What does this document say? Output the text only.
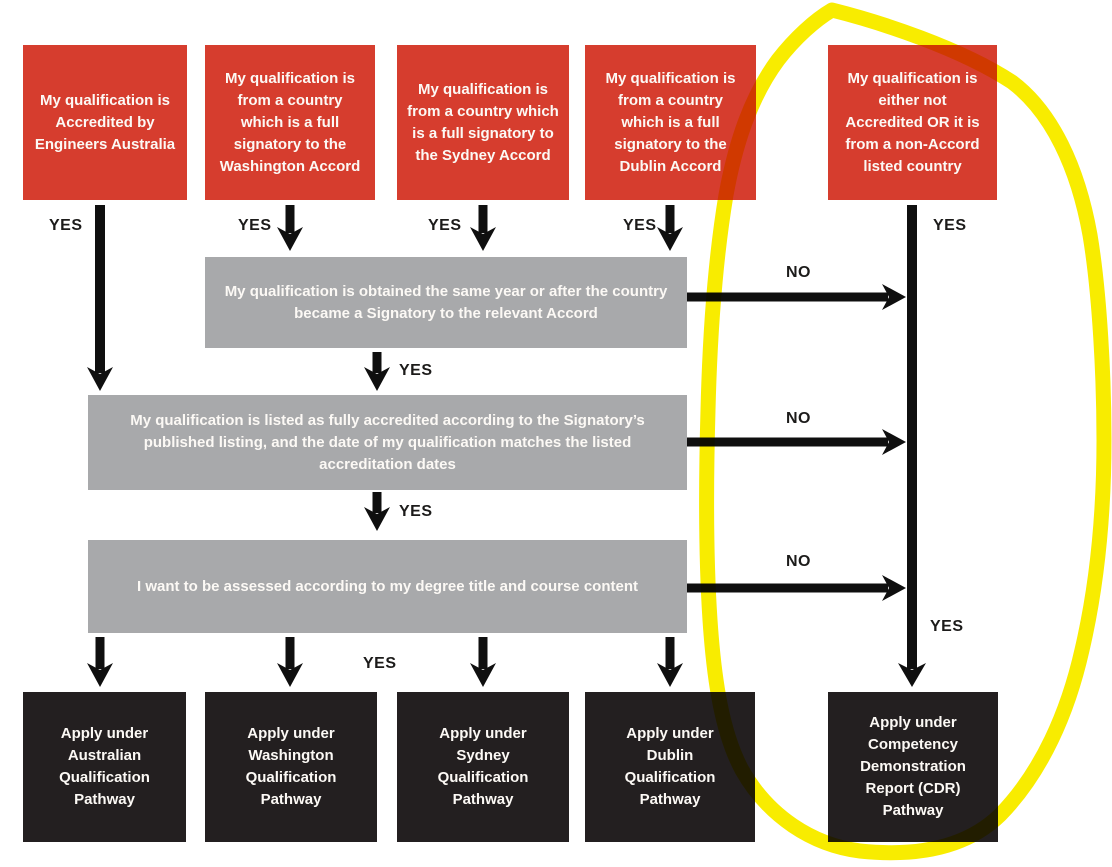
My qualification is Accredited by Engineers Australia
My qualification is from a country which is a full signatory to the Washington Accord
My qualification is from a country which is a full signatory to the Sydney Accord
My qualification is from a country which is a full signatory to the Dublin Accord
My qualification is either not Accredited OR it is from a non-Accord listed country
My qualification is obtained the same year or after the country became a Signatory to the relevant Accord
My qualification is listed as fully accredited according to the Signatory’s published listing, and the date of my qualification matches the listed accreditation dates
I want to be assessed according to my degree title and course content
Apply under Australian Qualification Pathway
Apply under Washington Qualification Pathway
Apply under Sydney Qualification Pathway
Apply under Dublin Qualification Pathway
Apply under Competency Demonstration Report (CDR) Pathway
YES	YES	YES	YES	YES
YES
YES
YES
YES
NO
NO
NO
